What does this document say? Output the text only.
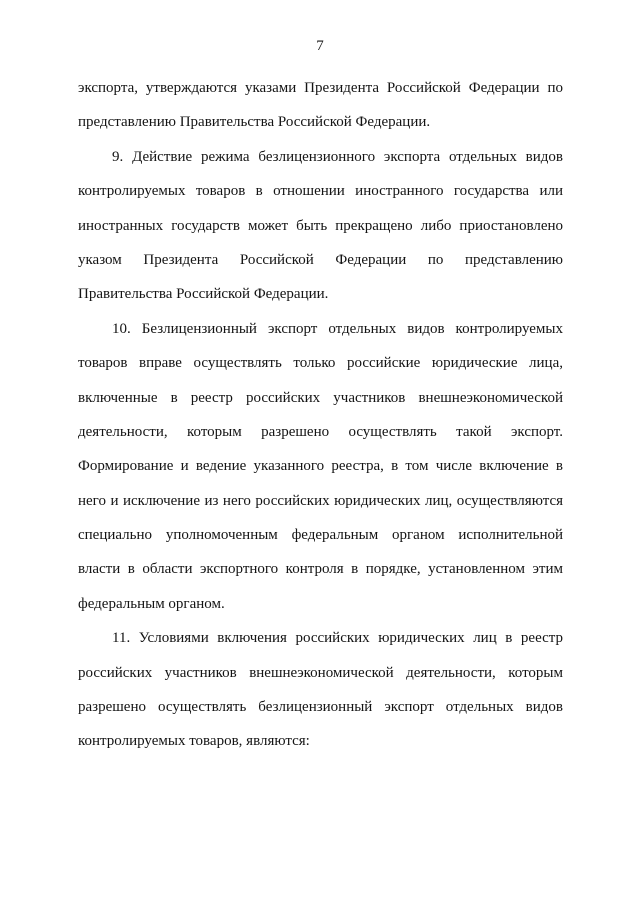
7
экспорта, утверждаются указами Президента Российской Федерации по
представлению Правительства Российской Федерации.
9. Действие режима безлицензионного экспорта отдельных видов
контролируемых товаров в отношении иностранного государства или
иностранных государств может быть прекращено либо приостановлено
указом Президента Российской Федерации по представлению
Правительства Российской Федерации.
10. Безлицензионный экспорт отдельных видов контролируемых
товаров вправе осуществлять только российские юридические лица,
включенные в реестр российских участников внешнеэкономической
деятельности, которым разрешено осуществлять такой экспорт.
Формирование и ведение указанного реестра, в том числе включение в
него и исключение из него российских юридических лиц, осуществляются
специально уполномоченным федеральным органом исполнительной
власти в области экспортного контроля в порядке, установленном этим
федеральным органом.
11. Условиями включения российских юридических лиц в реестр
российских участников внешнеэкономической деятельности, которым
разрешено осуществлять безлицензионный экспорт отдельных видов
контролируемых товаров, являются:
